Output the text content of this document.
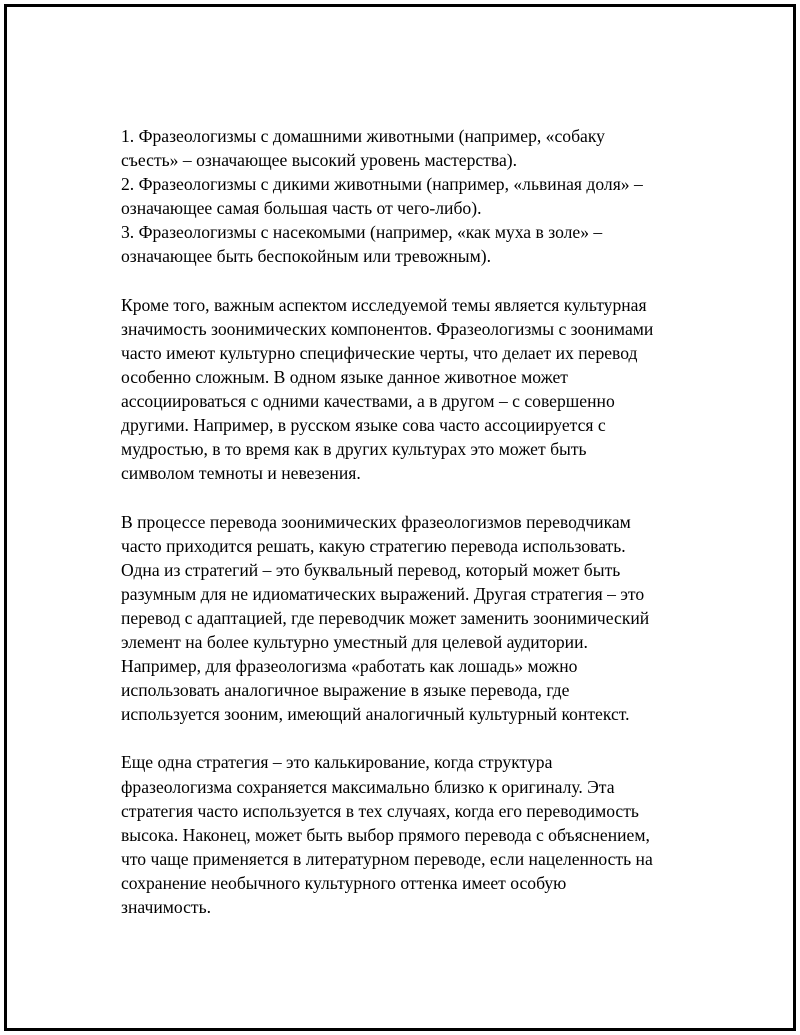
1. Фразеологизмы с домашними животными (например, «собаку

съесть» – означающее высокий уровень мастерства).

2. Фразеологизмы с дикими животными (например, «львиная доля» –

означающее самая большая часть от чего-либо).

3. Фразеологизмы с насекомыми (например, «как муха в золе» –

означающее быть беспокойным или тревожным).

Кроме того, важным аспектом исследуемой темы является культурная

значимость зоонимических компонентов. Фразеологизмы с зоонимами

часто имеют культурно специфические черты, что делает их перевод

особенно сложным. В одном языке данное животное может

ассоциироваться с одними качествами, а в другом – с совершенно

другими. Например, в русском языке сова часто ассоциируется с

мудростью, в то время как в других культурах это может быть

символом темноты и невезения.

В процессе перевода зоонимических фразеологизмов переводчикам

часто приходится решать, какую стратегию перевода использовать.

Одна из стратегий – это буквальный перевод, который может быть

разумным для не идиоматических выражений. Другая стратегия – это

перевод с адаптацией, где переводчик может заменить зоонимический

элемент на более культурно уместный для целевой аудитории.

Например, для фразеологизма «работать как лошадь» можно

использовать аналогичное выражение в языке перевода, где

используется зооним, имеющий аналогичный культурный контекст.

Еще одна стратегия – это калькирование, когда структура

фразеологизма сохраняется максимально близко к оригиналу. Эта

стратегия часто используется в тех случаях, когда его переводимость

высока. Наконец, может быть выбор прямого перевода с объяснением,

что чаще применяется в литературном переводе, если нацеленность на

сохранение необычного культурного оттенка имеет особую

значимость.
